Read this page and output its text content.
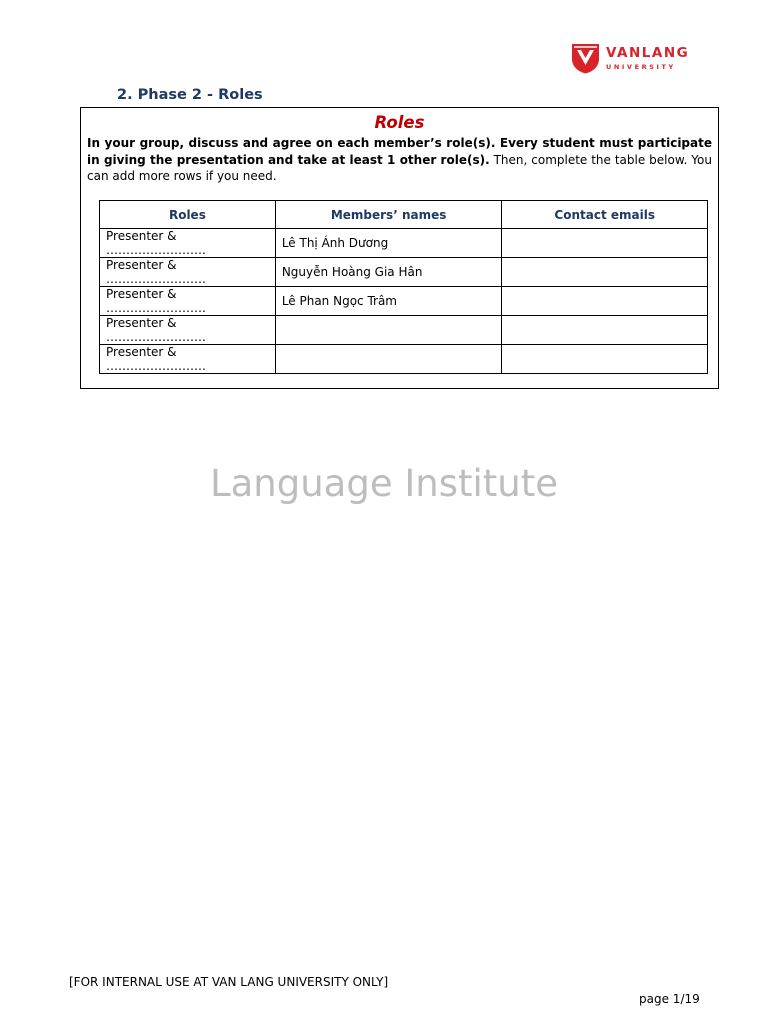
VANLANG
UNIVERSITY
2. Phase 2 - Roles
Roles
In your group, discuss and agree on each member’s role(s). Every student must participate in giving the presentation and take at least 1 other role(s). Then, complete the table below. You can add more rows if you need.
Roles	Members’ names	Contact emails
Presenter & …………………….	Lê Thị Ánh Dương	
Presenter & …………………….	Nguyễn Hoàng Gia Hân	
Presenter & …………………….	Lê Phan Ngọc Trâm	
Presenter & …………………….		
Presenter & …………………….		
Language Institute
[FOR INTERNAL USE AT VAN LANG UNIVERSITY ONLY]
page 1/19
